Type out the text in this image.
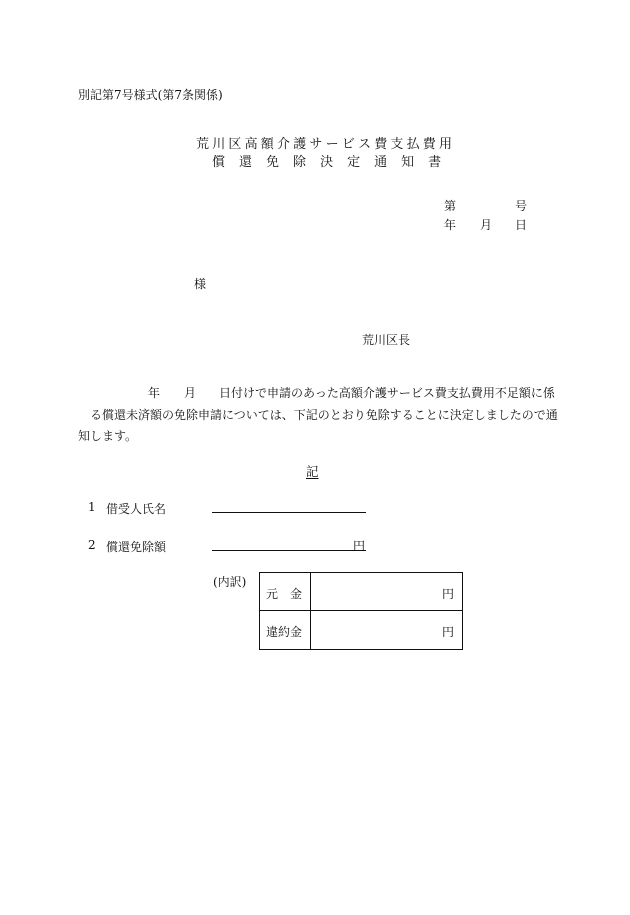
別記第7号様式(第7条関係)
荒川区高額介護サービス費支払費用
償 還 免 除 決 定 通 知 書
第	号
年 月 日
様
荒川区長
年 月 日付けで申請のあった高額介護サービス費支払費用不足額に係
る償還未済額の免除申請については、下記のとおり免除することに決定しましたので通
知します。
記
1 借受人氏名
2 償還免除額	円
(内訳)
元　金	円
違約金	円
